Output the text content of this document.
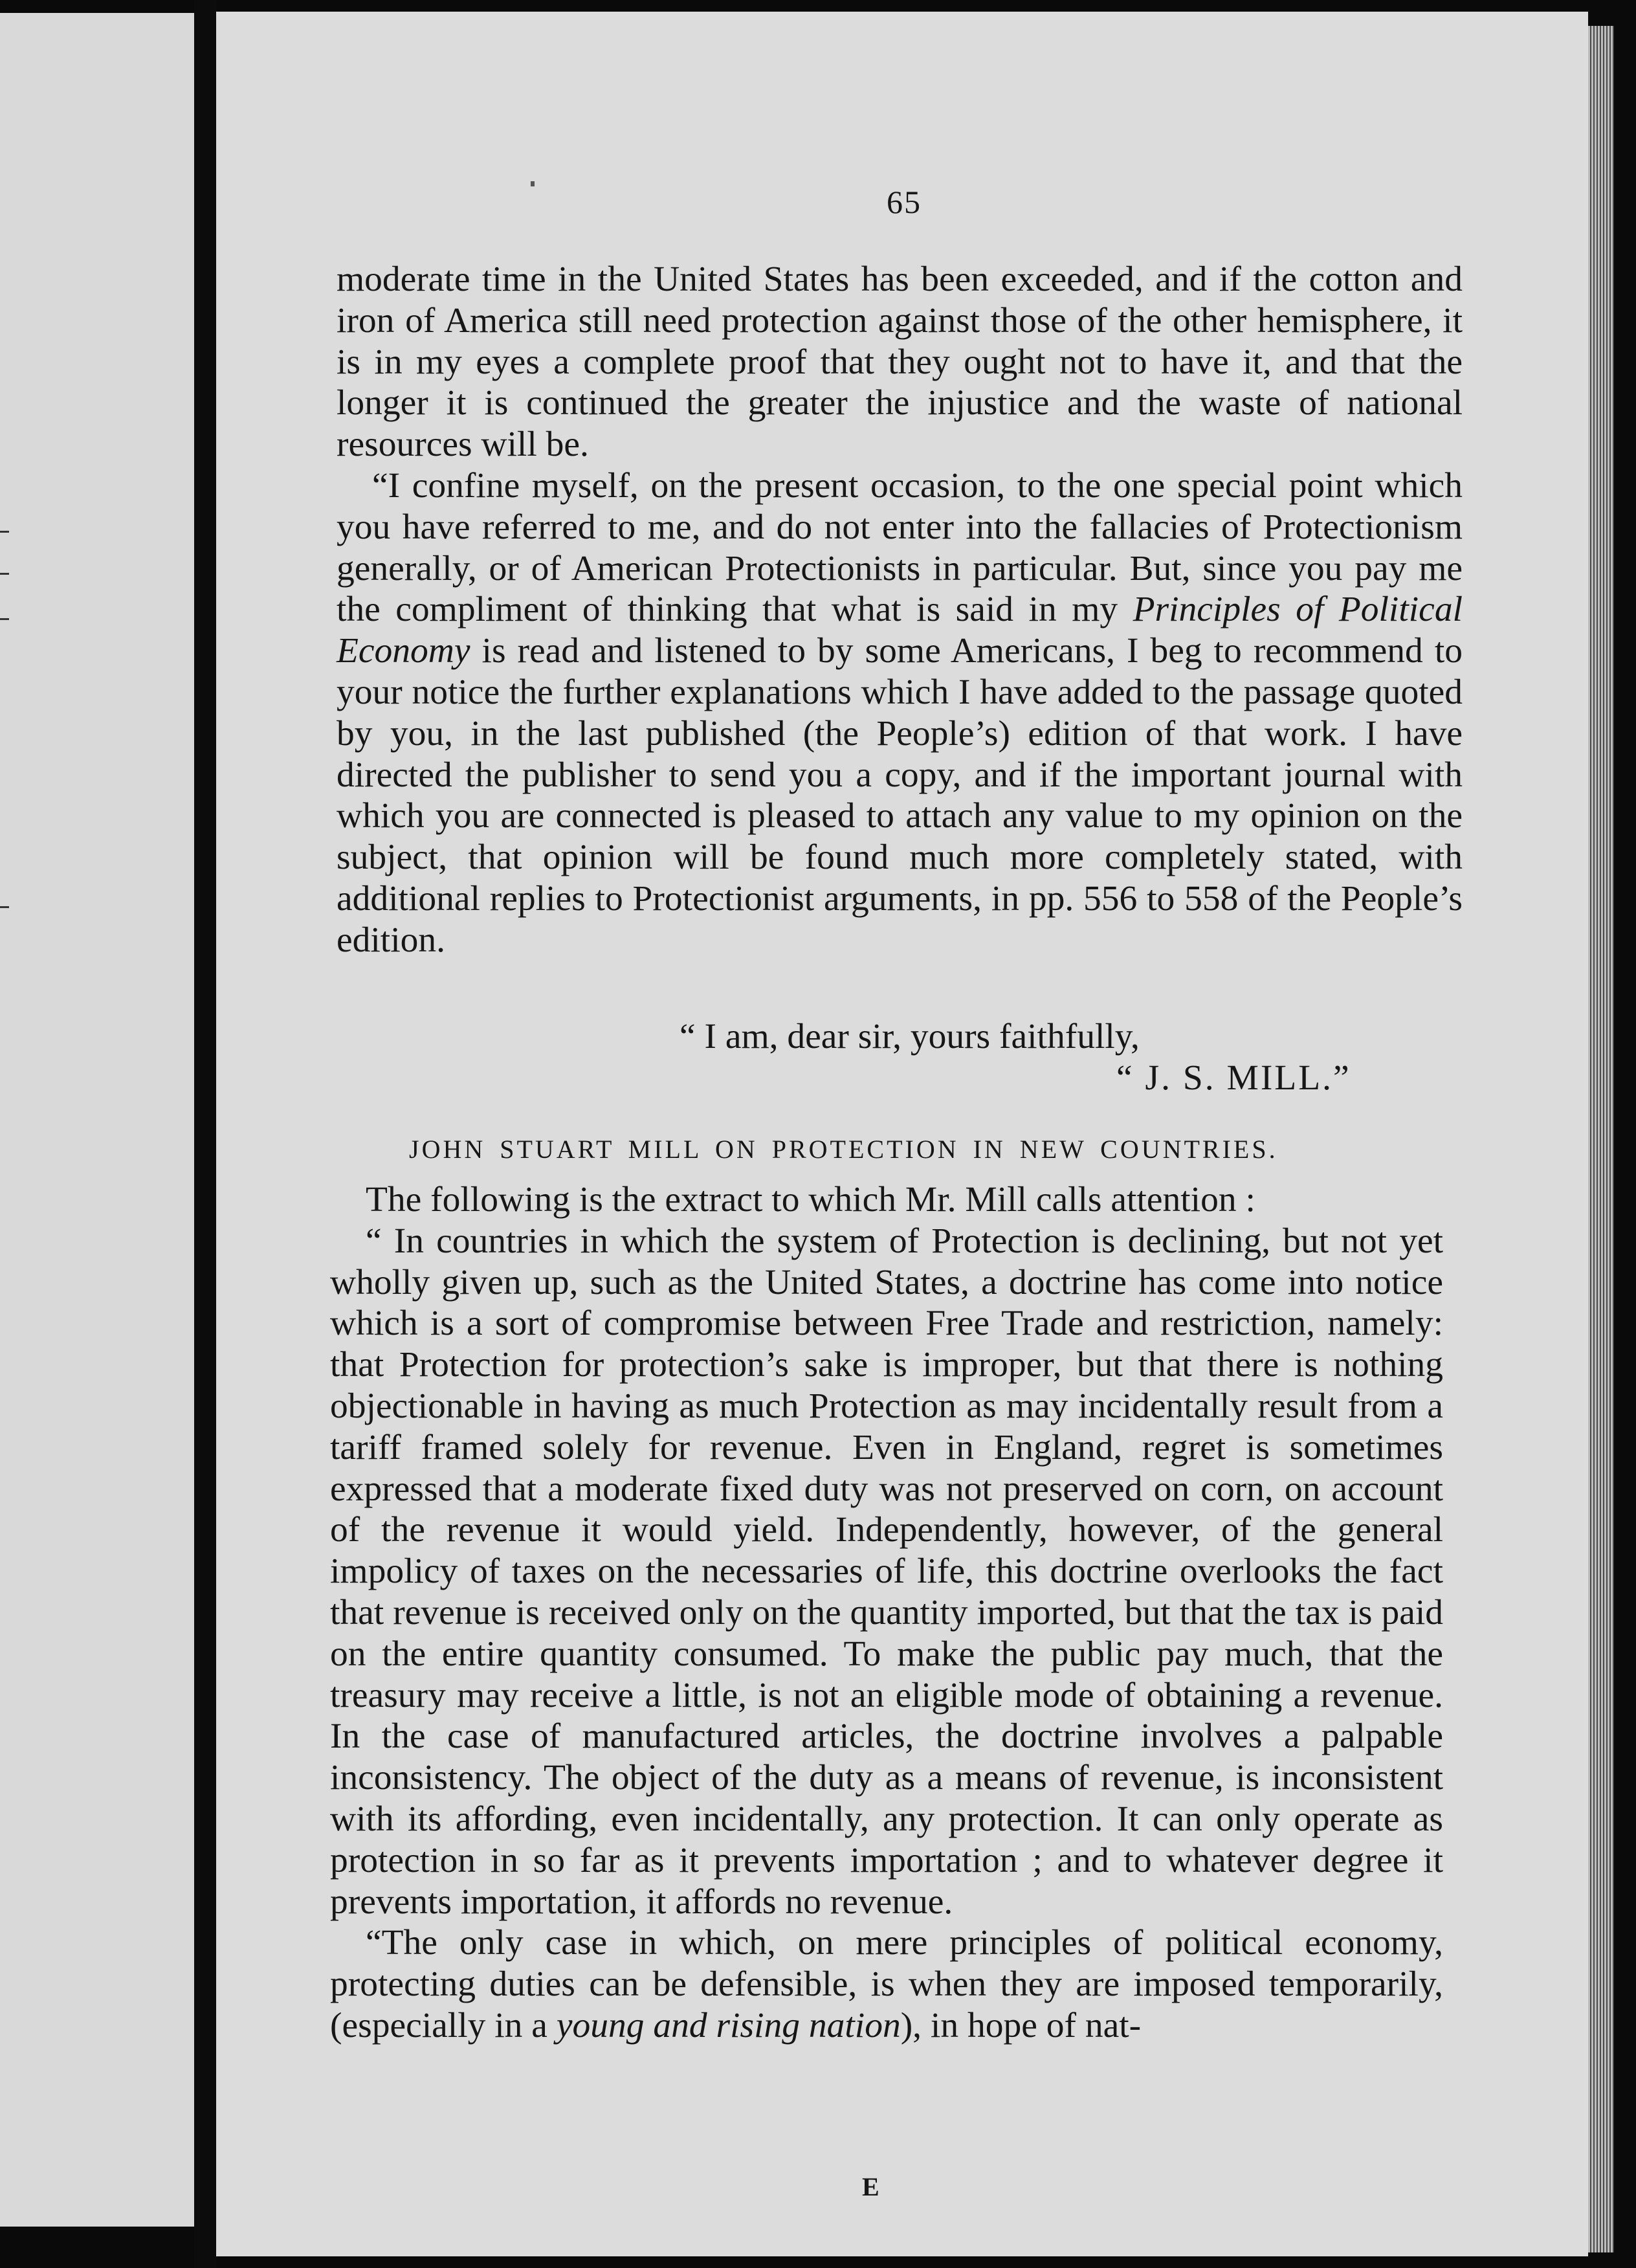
65

moderate time in the United States has been exceeded, and if the cotton and iron of America still need protection against those of the other hemisphere, it is in my eyes a complete proof that they ought not to have it, and that the longer it is continued the greater the injustice and the waste of national resources will be.

“I confine myself, on the present occasion, to the one special point which you have referred to me, and do not enter into the fallacies of Protectionism generally, or of American Protectionists in particular. But, since you pay me the compliment of thinking that what is said in my Principles of Political Economy is read and listened to by some Americans, I beg to recommend to your notice the further explanations which I have added to the passage quoted by you, in the last published (the People’s) edition of that work. I have directed the publisher to send you a copy, and if the important journal with which you are connected is pleased to attach any value to my opinion on the subject, that opinion will be found much more completely stated, with additional replies to Protectionist arguments, in pp. 556 to 558 of the People’s edition.

“ I am, dear sir, yours faithfully,
“ J. S. MILL.”
JOHN STUART MILL ON PROTECTION IN NEW COUNTRIES.

The following is the extract to which Mr. Mill calls attention :

“ In countries in which the system of Protection is declining, but not yet wholly given up, such as the United States, a doctrine has come into notice which is a sort of compromise between Free Trade and restriction, namely: that Protection for protection’s sake is improper, but that there is nothing objectionable in having as much Protection as may incidentally result from a tariff framed solely for revenue. Even in England, regret is sometimes expressed that a moderate fixed duty was not preserved on corn, on account of the revenue it would yield. Independently, however, of the general impolicy of taxes on the necessaries of life, this doctrine overlooks the fact that revenue is received only on the quantity imported, but that the tax is paid on the entire quantity consumed. To make the public pay much, that the treasury may receive a little, is not an eligible mode of obtaining a revenue. In the case of manufactured articles, the doctrine involves a palpable inconsistency. The object of the duty as a means of revenue, is inconsistent with its affording, even incidentally, any protection. It can only operate as protection in so far as it prevents importation ; and to whatever degree it prevents importation, it affords no revenue.

“The only case in which, on mere principles of political economy, protecting duties can be defensible, is when they are imposed temporarily, (especially in a young and rising nation), in hope of nat-

E
